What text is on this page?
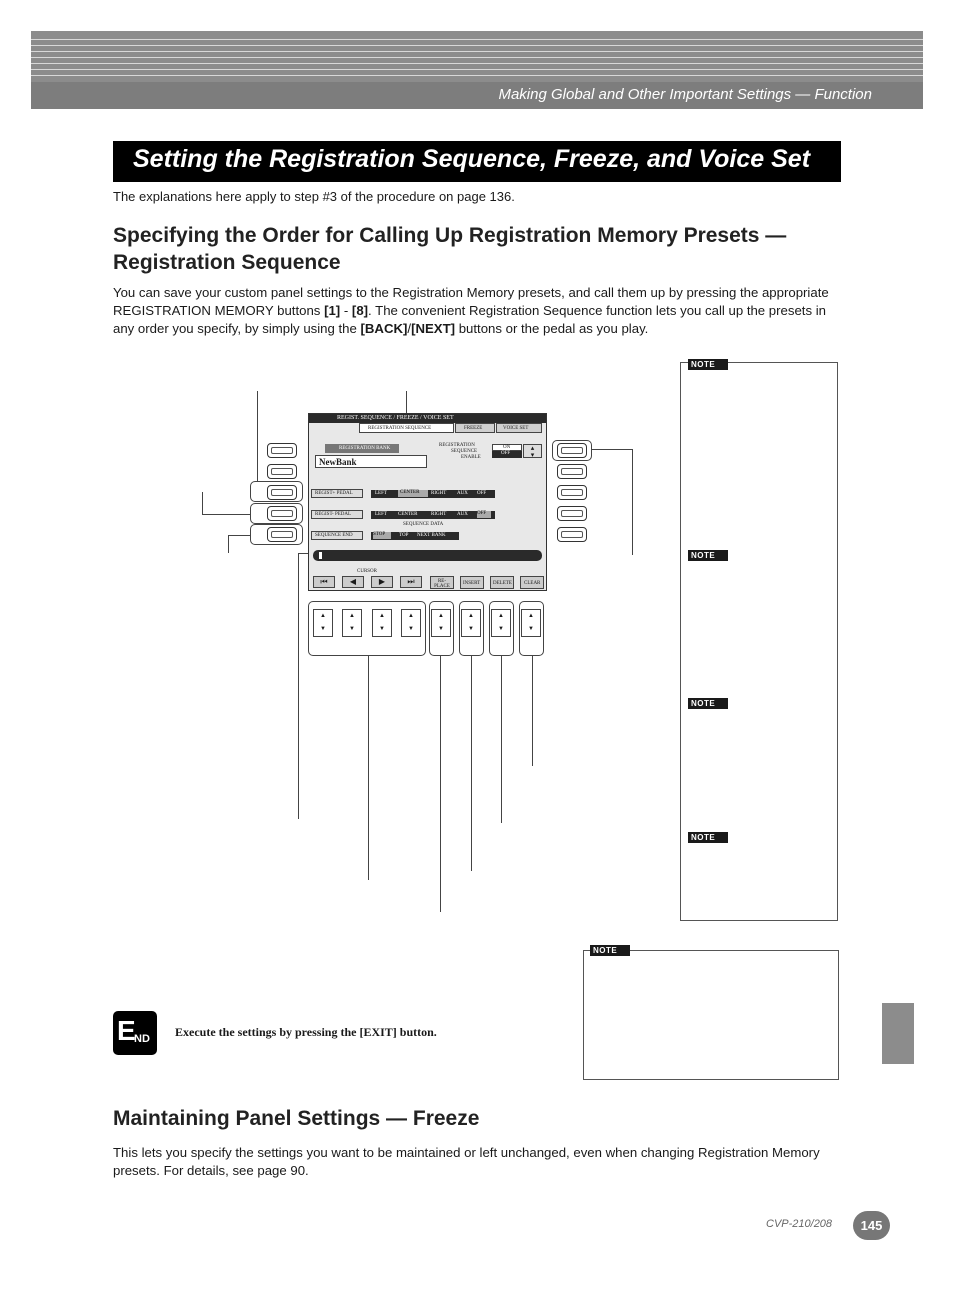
Making Global and Other Important Settings — Function
Setting the Registration Sequence, Freeze, and Voice Set
The explanations here apply to step #3 of the procedure on page 136.
Specifying the Order for Calling Up Registration Memory Presets — Registration Sequence
You can save your custom panel settings to the Registration Memory presets, and call them up by pressing the appropriate REGISTRATION MEMORY buttons [1] - [8]. The convenient Registration Sequence function lets you call up the presets in any order you specify, by simply using the [BACK]/[NEXT] buttons or the pedal as you play.
REGIST. SEQUENCE / FREEZE / VOICE SET
REGISTRATION SEQUENCE	FREEZE	VOICE SET
REGISTRATION BANK
NewBank
REGISTRATION
SEQUENCE
ENABLE
ON
OFF
▴
▾
REGIST+ PEDAL	LEFT	CENTER	RIGHT AUX OFF
REGIST- PEDAL	LEFT CENTER	RIGHT AUX OFF
SEQUENCE DATA
SEQUENCE END	STOP	TOP NEXT BANK
CURSOR
⏮	◀	▶	⏭	RE-PLACE
INSERT	DELETE CLEAR
▲
▼
▲
▼
▲
▼
▲
▼
▲
▼
▲
▼
▲
▼
▲
▼
NOTE
NOTE
NOTE
NOTE
NOTE
E
ND Execute the settings by pressing the [EXIT] button.
Maintaining Panel Settings — Freeze
This lets you specify the settings you want to be maintained or left unchanged, even when changing Registration Memory presets. For details, see page 90.
CVP-210/208	145
